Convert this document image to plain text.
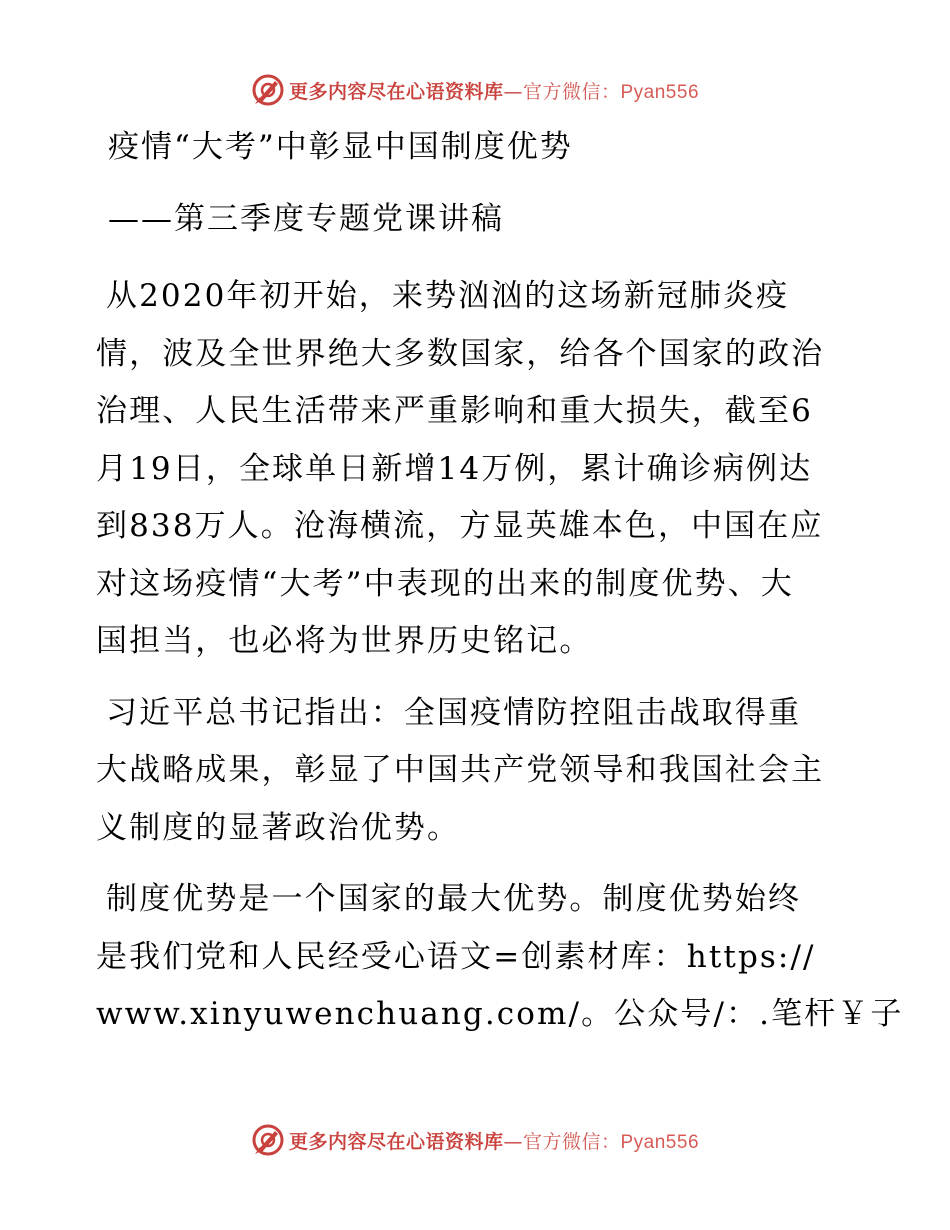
更多内容尽在心语资料库—官方微信：Pyan556
疫情“大考”中彰显中国制度优势
——第三季度专题党课讲稿
从2020年初开始，来势汹汹的这场新冠肺炎疫
情，波及全世界绝大多数国家，给各个国家的政治
治理、人民生活带来严重影响和重大损失，截至6
月19日，全球单日新增14万例，累计确诊病例达
到838万人。沧海横流，方显英雄本色，中国在应
对这场疫情“大考”中表现的出来的制度优势、大
国担当，也必将为世界历史铭记。
习近平总书记指出：全国疫情防控阻击战取得重
大战略成果，彰显了中国共产党领导和我国社会主
义制度的显著政治优势。
制度优势是一个国家的最大优势。制度优势始终
是我们党和人民经受心语文=创素材库：https://
www.xinyuwenchuang.com/。公众号/：.笔杆￥子
更多内容尽在心语资料库—官方微信：Pyan556
